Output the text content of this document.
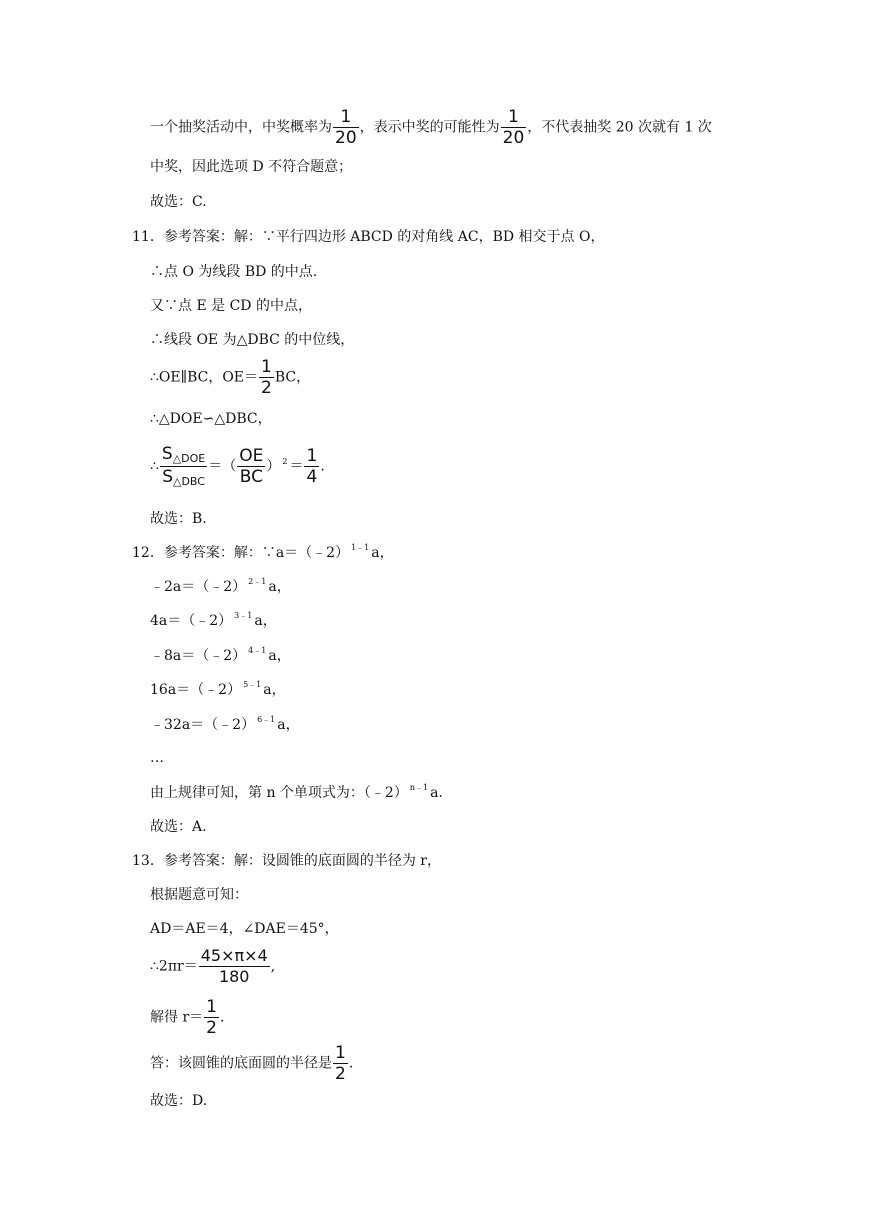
一个抽奖活动中，中奖概率为 $\frac{1}{20}$ ，表示中奖的可能性为 $\frac{1}{20}$ ，不代表抽奖 20 次就有 1 次
中奖，因此选项 D 不符合题意；
故选：C.
11．参考答案：解：∵平行四边形 ABCD 的对角线 AC，BD 相交于点 O，
∴点 O 为线段 BD 的中点.
又∵点 E 是 CD 的中点，
∴线段 OE 为△DBC 的中位线，
∴OE∥BC，$OE= \frac{1}{2}$ BC，
∴△DOE∽△DBC，
∴ $\frac{\text{S△DOE}}{\text{S△DBC}}$ ＝（ $\frac{OE}{BC}$ ） $^2 = \frac{1}{4}$ .
故选：B.
12．参考答案：解：∵a＝（﹣2） $^{1﹣1}$ a，
﹣2a＝（﹣2） $^{2﹣1}$ a，
4a＝（﹣2） $^{3﹣1}$ a，
﹣8a＝（﹣2） $^{4﹣1}$ a，
16a＝（﹣2） $^{5﹣1}$ a，
﹣32a＝（﹣2） $^{6﹣1}$ a，
…
由上规律可知，第 n 个单项式为：（﹣2） $^{n﹣1}$ a.
故选：A.
13．参考答案：解：设圆锥的底面圆的半径为 r，
根据题意可知：
AD＝AE＝4，∠DAE＝45°，
∴2πr＝ $\frac{45\times\pi\times 4}{180}$ ,
解得 $r= \frac{1}{2}$ .
答：该圆锥的底面圆的半径是 $\frac{1}{2}$ .
故选：D.
